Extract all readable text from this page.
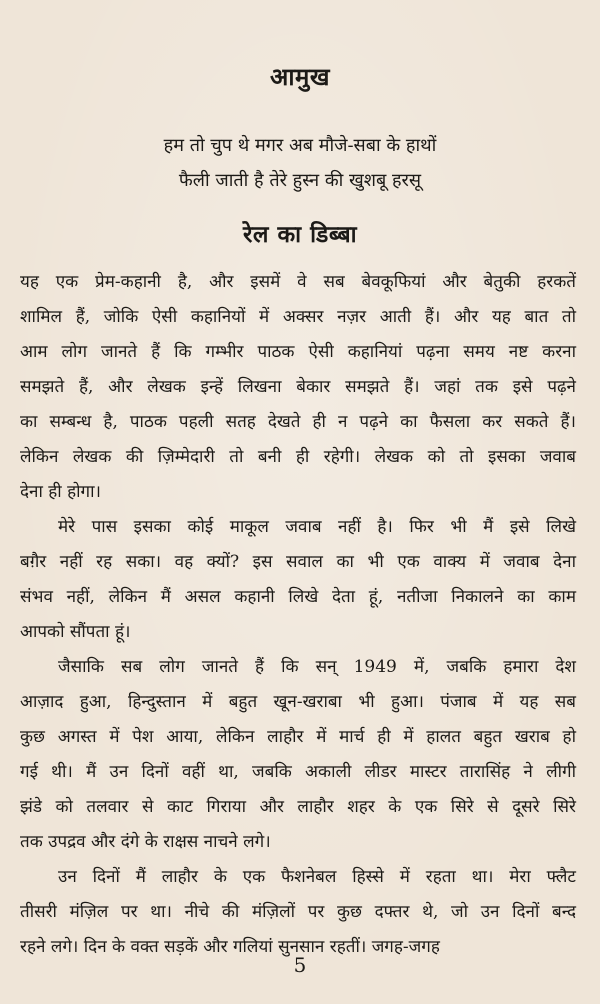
आमुख
हम तो चुप थे मगर अब मौजे-सबा के हाथों
फैली जाती है तेरे हुस्न की खुशबू हरसू
रेल का डिब्बा
यह एक प्रेम-कहानी है, और इसमें वे सब बेवकूफियां और बेतुकी हरकतें
शामिल हैं, जोकि ऐसी कहानियों में अक्सर नज़र आती हैं। और यह बात तो
आम लोग जानते हैं कि गम्भीर पाठक ऐसी कहानियां पढ़ना समय नष्ट करना
समझते हैं, और लेखक इन्हें लिखना बेकार समझते हैं। जहां तक इसे पढ़ने
का सम्बन्ध है, पाठक पहली सतह देखते ही न पढ़ने का फैसला कर सकते हैं।
लेकिन लेखक की ज़िम्मेदारी तो बनी ही रहेगी। लेखक को तो इसका जवाब
देना ही होगा।
मेरे पास इसका कोई माकूल जवाब नहीं है। फिर भी मैं इसे लिखे
बग़ैर नहीं रह सका। वह क्यों? इस सवाल का भी एक वाक्य में जवाब देना
संभव नहीं, लेकिन मैं असल कहानी लिखे देता हूं, नतीजा निकालने का काम
आपको सौंपता हूं।
जैसाकि सब लोग जानते हैं कि सन् 1949 में, जबकि हमारा देश
आज़ाद हुआ, हिन्दुस्तान में बहुत खून-खराबा भी हुआ। पंजाब में यह सब
कुछ अगस्त में पेश आया, लेकिन लाहौर में मार्च ही में हालत बहुत खराब हो
गई थी। मैं उन दिनों वहीं था, जबकि अकाली लीडर मास्टर तारासिंह ने लीगी
झंडे को तलवार से काट गिराया और लाहौर शहर के एक सिरे से दूसरे सिरे
तक उपद्रव और दंगे के राक्षस नाचने लगे।
उन दिनों मैं लाहौर के एक फैशनेबल हिस्से में रहता था। मेरा फ्लैट
तीसरी मंज़िल पर था। नीचे की मंज़िलों पर कुछ दफ्तर थे, जो उन दिनों बन्द
रहने लगे। दिन के वक्त सड़कें और गलियां सुनसान रहतीं। जगह-जगह
5
